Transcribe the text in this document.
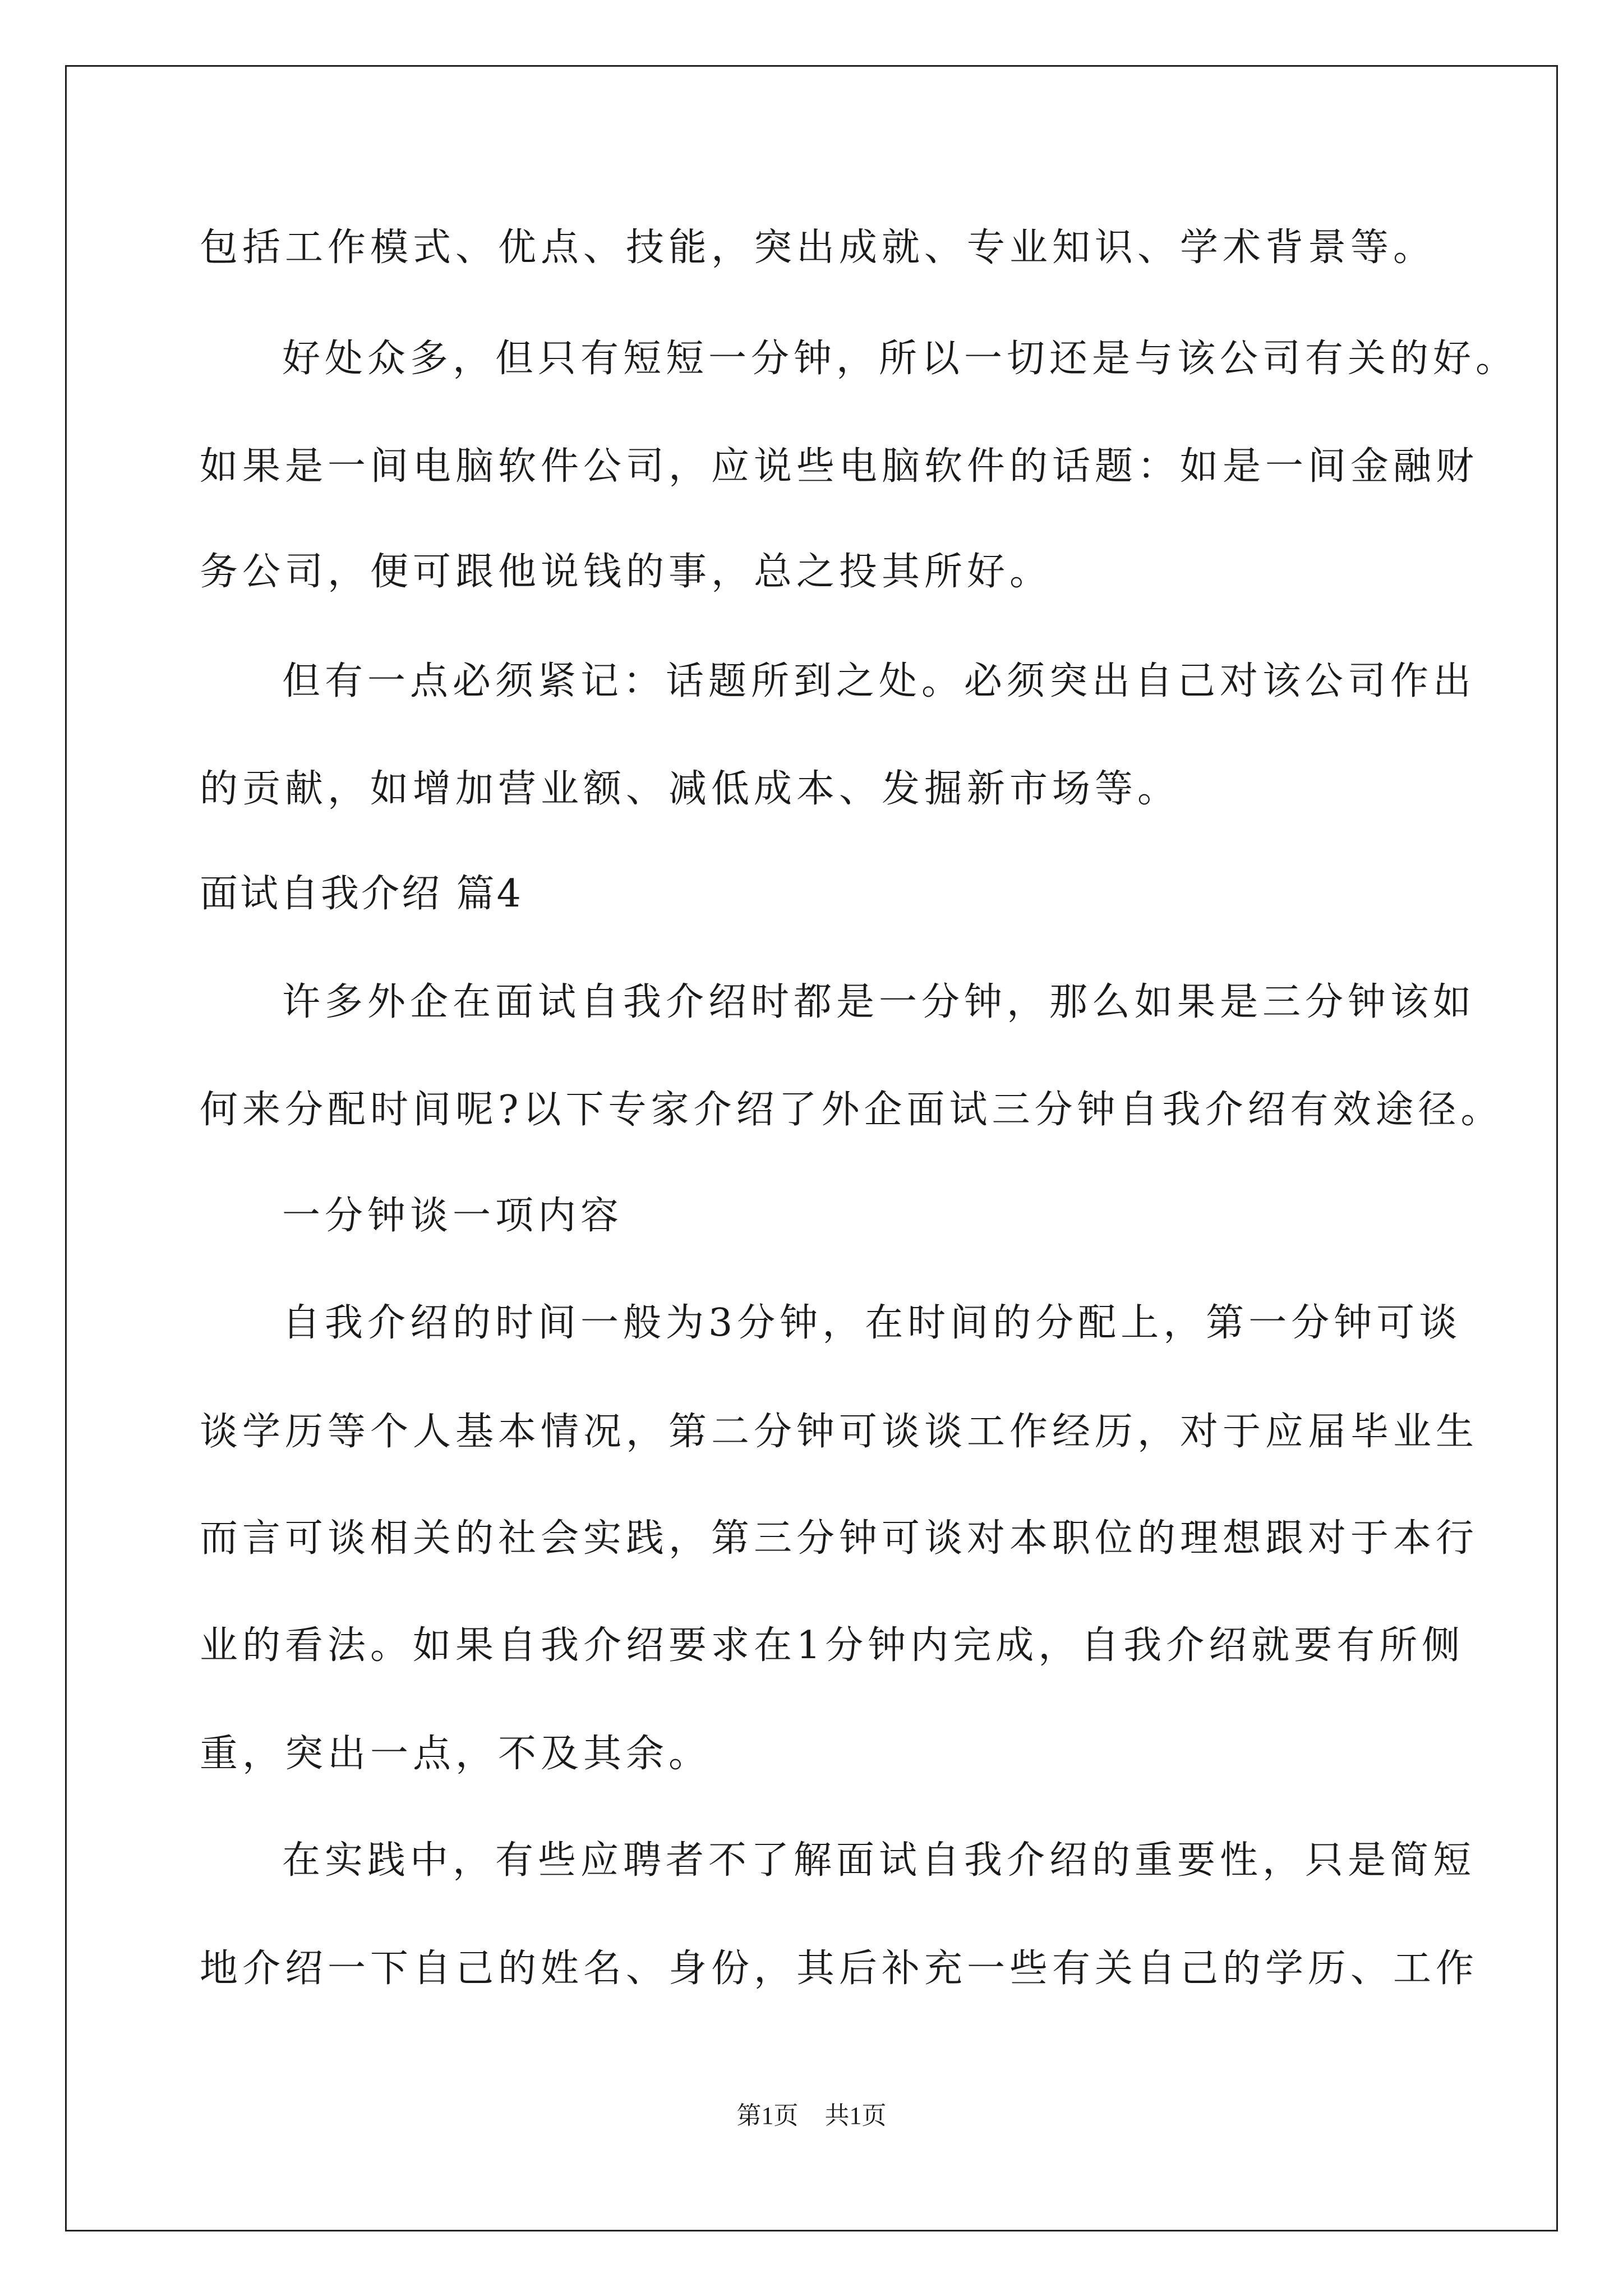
包括工作模式、优点、技能，突出成就、专业知识、学术背景等。
好处众多，但只有短短一分钟，所以一切还是与该公司有关的好。
如果是一间电脑软件公司，应说些电脑软件的话题：如是一间金融财
务公司，便可跟他说钱的事，总之投其所好。
但有一点必须紧记：话题所到之处。必须突出自己对该公司作出
的贡献，如增加营业额、减低成本、发掘新市场等。
面试自我介绍 篇4
许多外企在面试自我介绍时都是一分钟，那么如果是三分钟该如
何来分配时间呢?以下专家介绍了外企面试三分钟自我介绍有效途径。
一分钟谈一项内容
自我介绍的时间一般为3分钟，在时间的分配上，第一分钟可谈
谈学历等个人基本情况，第二分钟可谈谈工作经历，对于应届毕业生
而言可谈相关的社会实践，第三分钟可谈对本职位的理想跟对于本行
业的看法。如果自我介绍要求在1分钟内完成，自我介绍就要有所侧
重，突出一点，不及其余。
在实践中，有些应聘者不了解面试自我介绍的重要性，只是简短
地介绍一下自己的姓名、身份，其后补充一些有关自己的学历、工作
第1页 共1页
